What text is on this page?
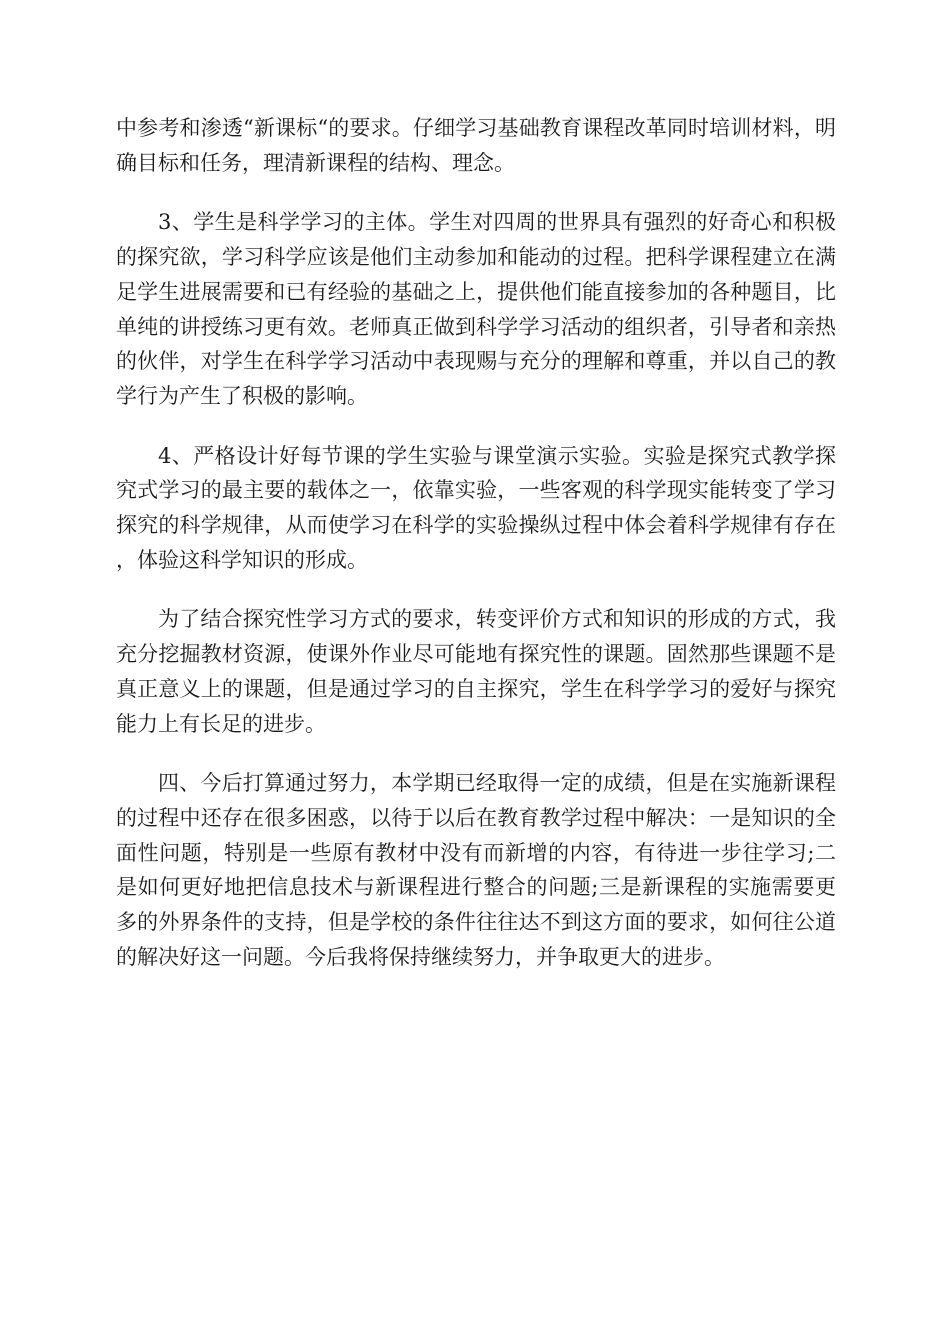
中参考和渗透“新课标“的要求。仔细学习基础教育课程改革同时培训材料，明确目标和任务，理清新课程的结构、理念。

3、学生是科学学习的主体。学生对四周的世界具有强烈的好奇心和积极的探究欲，学习科学应该是他们主动参加和能动的过程。把科学课程建立在满足学生进展需要和已有经验的基础之上，提供他们能直接参加的各种题目，比单纯的讲授练习更有效。老师真正做到科学学习活动的组织者，引导者和亲热的伙伴，对学生在科学学习活动中表现赐与充分的理解和尊重，并以自己的教学行为产生了积极的影响。

4、严格设计好每节课的学生实验与课堂演示实验。实验是探究式教学探究式学习的最主要的载体之一，依靠实验，一些客观的科学现实能转变了学习探究的科学规律，从而使学习在科学的实验操纵过程中体会着科学规律有存在，体验这科学知识的形成。

为了结合探究性学习方式的要求，转变评价方式和知识的形成的方式，我充分挖掘教材资源，使课外作业尽可能地有探究性的课题。固然那些课题不是真正意义上的课题，但是通过学习的自主探究，学生在科学学习的爱好与探究能力上有长足的进步。

四、今后打算通过努力，本学期已经取得一定的成绩，但是在实施新课程的过程中还存在很多困惑，以待于以后在教育教学过程中解决：一是知识的全面性问题，特别是一些原有教材中没有而新增的内容，有待进一步往学习;二是如何更好地把信息技术与新课程进行整合的问题;三是新课程的实施需要更多的外界条件的支持，但是学校的条件往往达不到这方面的要求，如何往公道的解决好这一问题。今后我将保持继续努力，并争取更大的进步。
